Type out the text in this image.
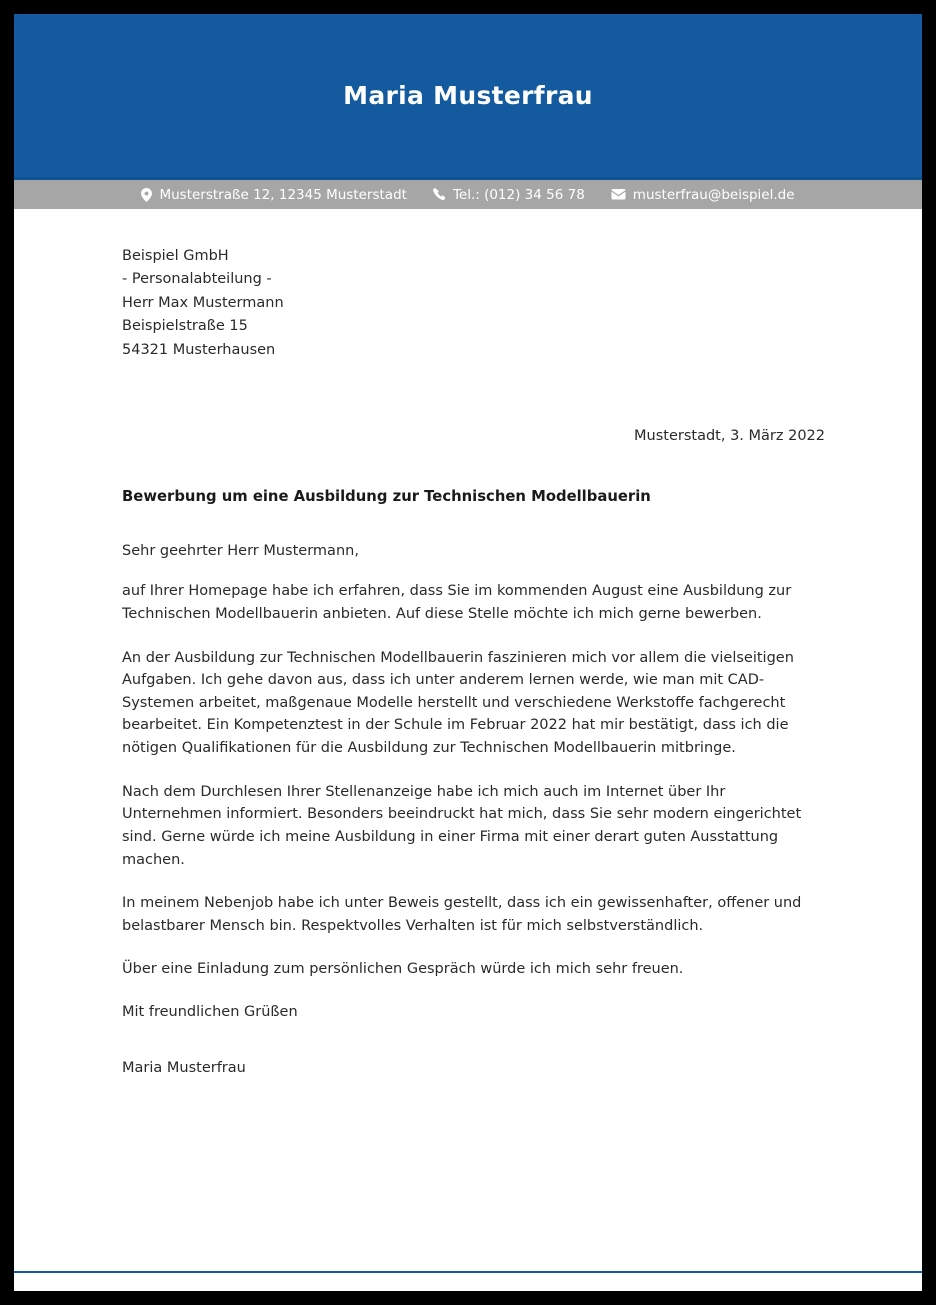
Maria Musterfrau
Musterstraße 12, 12345 Musterstadt	Tel.: (012) 34 56 78	musterfrau@beispiel.de
Beispiel GmbH
- Personalabteilung -
Herr Max Mustermann
Beispielstraße 15
54321 Musterhausen
Musterstadt, 3. März 2022
Bewerbung um eine Ausbildung zur Technischen Modellbauerin
Sehr geehrter Herr Mustermann,

auf Ihrer Homepage habe ich erfahren, dass Sie im kommenden August eine Ausbildung zur Technischen Modellbauerin anbieten. Auf diese Stelle möchte ich mich gerne bewerben.

An der Ausbildung zur Technischen Modellbauerin faszinieren mich vor allem die vielseitigen Aufgaben. Ich gehe davon aus, dass ich unter anderem lernen werde, wie man mit CAD-Systemen arbeitet, maßgenaue Modelle herstellt und verschiedene Werkstoffe fachgerecht bearbeitet. Ein Kompetenztest in der Schule im Februar 2022 hat mir bestätigt, dass ich die nötigen Qualifikationen für die Ausbildung zur Technischen Modellbauerin mitbringe.

Nach dem Durchlesen Ihrer Stellenanzeige habe ich mich auch im Internet über Ihr Unternehmen informiert. Besonders beeindruckt hat mich, dass Sie sehr modern eingerichtet sind. Gerne würde ich meine Ausbildung in einer Firma mit einer derart guten Ausstattung machen.

In meinem Nebenjob habe ich unter Beweis gestellt, dass ich ein gewissenhafter, offener und belastbarer Mensch bin. Respektvolles Verhalten ist für mich selbstverständlich.

Über eine Einladung zum persönlichen Gespräch würde ich mich sehr freuen.

Mit freundlichen Grüßen
Maria Musterfrau
